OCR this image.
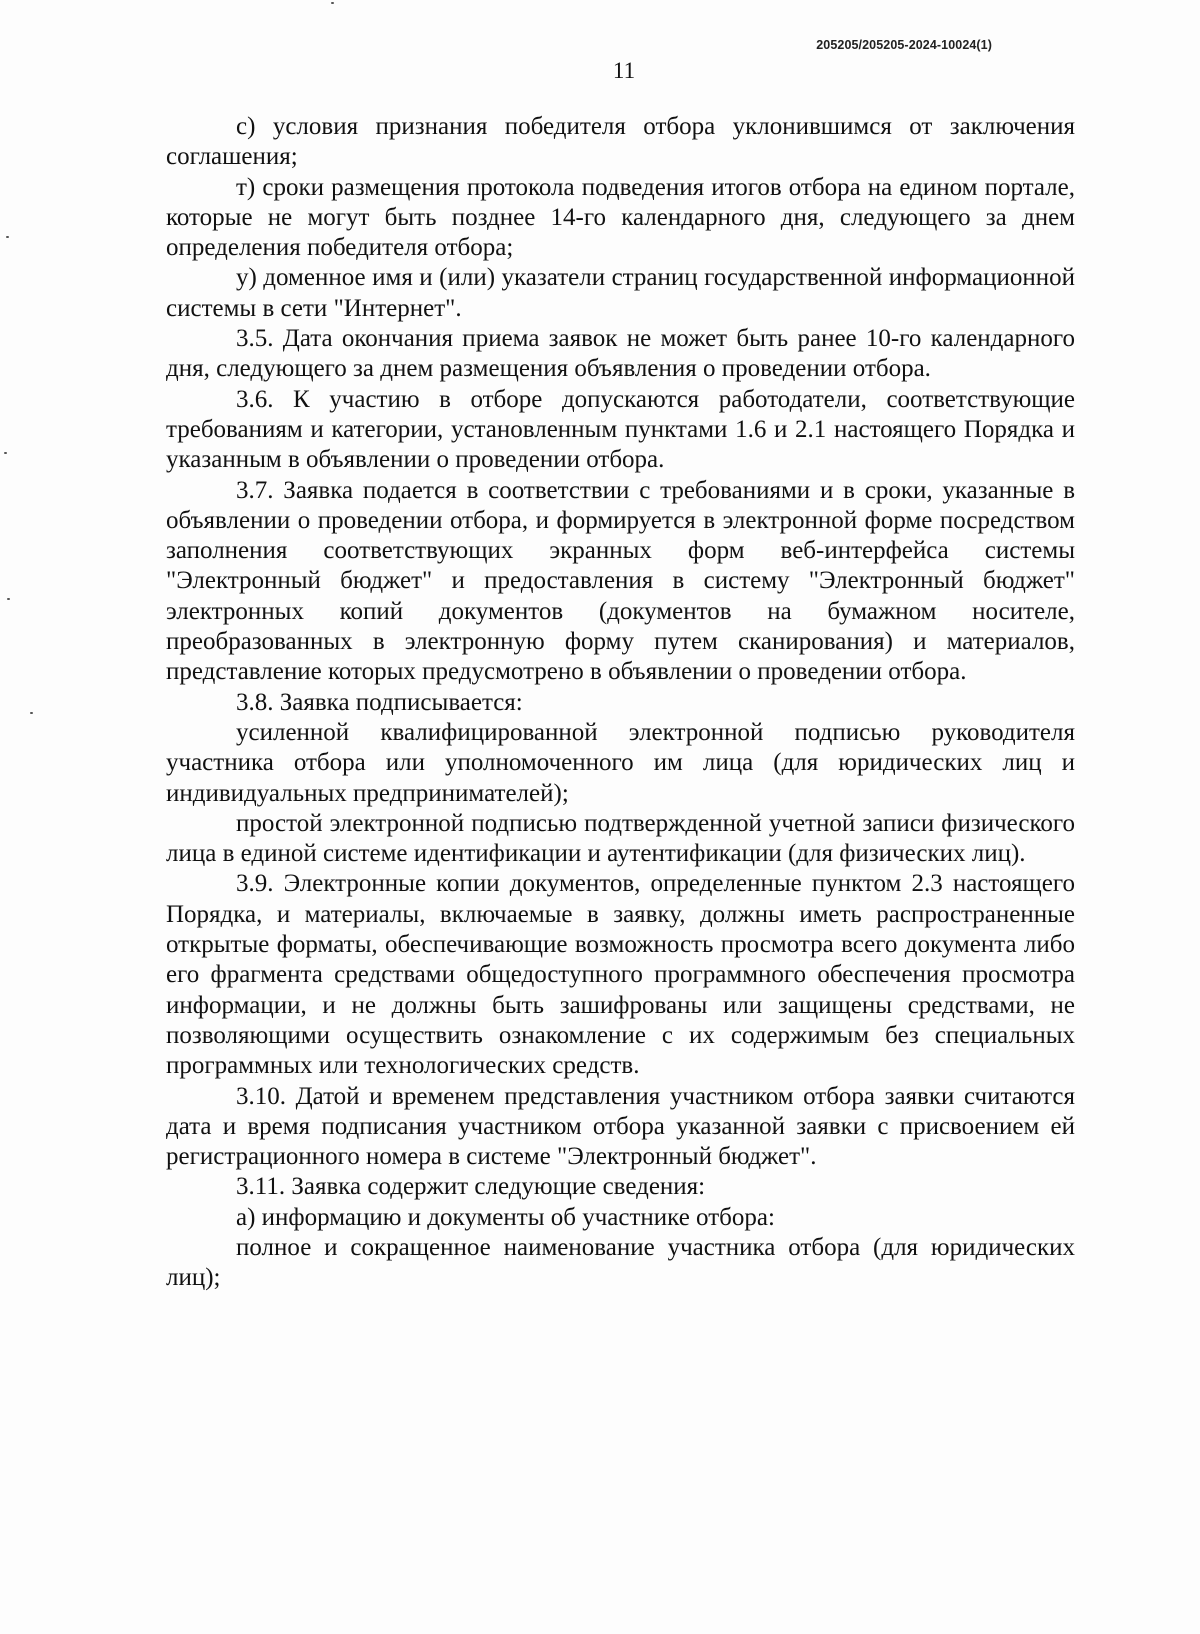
205205/205205-2024-10024(1)
11

с) условия признания победителя отбора уклонившимся от заключения соглашения;

т) сроки размещения протокола подведения итогов отбора на едином портале, которые не могут быть позднее 14-го календарного дня, следующего за днем определения победителя отбора;

у) доменное имя и (или) указатели страниц государственной информационной системы в сети "Интернет".

3.5. Дата окончания приема заявок не может быть ранее 10-го календарного дня, следующего за днем размещения объявления о проведении отбора.

3.6. К участию в отборе допускаются работодатели, соответствующие требованиям и категории, установленным пунктами 1.6 и 2.1 настоящего Порядка и указанным в объявлении о проведении отбора.

3.7. Заявка подается в соответствии с требованиями и в сроки, указанные в объявлении о проведении отбора, и формируется в электронной форме посредством заполнения соответствующих экранных форм веб-интерфейса системы "Электронный бюджет" и предоставления в систему "Электронный бюджет" электронных копий документов (документов на бумажном носителе, преобразованных в электронную форму путем сканирования) и материалов, представление которых предусмотрено в объявлении о проведении отбора.

3.8. Заявка подписывается:

усиленной квалифицированной электронной подписью руководителя участника отбора или уполномоченного им лица (для юридических лиц и индивидуальных предпринимателей);

простой электронной подписью подтвержденной учетной записи физического лица в единой системе идентификации и аутентификации (для физических лиц).

3.9. Электронные копии документов, определенные пунктом 2.3 настоящего Порядка, и материалы, включаемые в заявку, должны иметь распространенные открытые форматы, обеспечивающие возможность просмотра всего документа либо его фрагмента средствами общедоступного программного обеспечения просмотра информации, и не должны быть зашифрованы или защищены средствами, не позволяющими осуществить ознакомление с их содержимым без специальных программных или технологических средств.

3.10. Датой и временем представления участником отбора заявки считаются дата и время подписания участником отбора указанной заявки с присвоением ей регистрационного номера в системе "Электронный бюджет".

3.11. Заявка содержит следующие сведения:

а) информацию и документы об участнике отбора:

полное и сокращенное наименование участника отбора (для юридических лиц);
